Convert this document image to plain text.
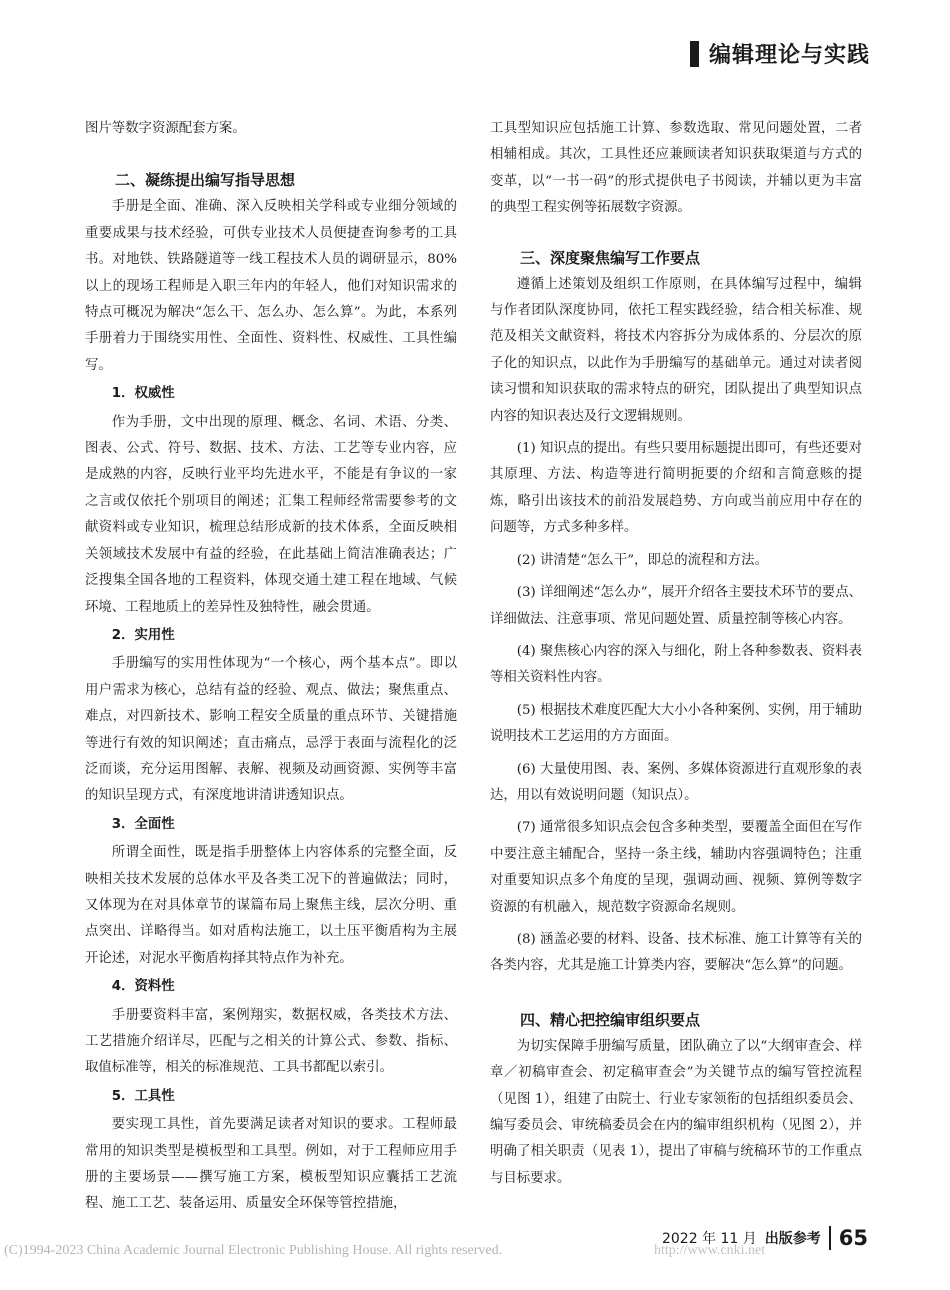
编辑理论与实践

图片等数字资源配套方案。

二、凝练提出编写指导思想

手册是全面、准确、深入反映相关学科或专业细分领域的重要成果与技术经验，可供专业技术人员便捷查询参考的工具书。对地铁、铁路隧道等一线工程技术人员的调研显示，80% 以上的现场工程师是入职三年内的年轻人，他们对知识需求的特点可概况为解决“怎么干、怎么办、怎么算”。为此，本系列手册着力于围绕实用性、全面性、资料性、权威性、工具性编写。

1．权威性

作为手册，文中出现的原理、概念、名词、术语、分类、图表、公式、符号、数据、技术、方法、工艺等专业内容，应是成熟的内容，反映行业平均先进水平，不能是有争议的一家之言或仅依托个别项目的阐述；汇集工程师经常需要参考的文献资料或专业知识，梳理总结形成新的技术体系，全面反映相关领域技术发展中有益的经验，在此基础上简洁准确表达；广泛搜集全国各地的工程资料，体现交通土建工程在地域、气候环境、工程地质上的差异性及独特性，融会贯通。

2．实用性

手册编写的实用性体现为“一个核心，两个基本点”。即以用户需求为核心，总结有益的经验、观点、做法；聚焦重点、难点，对四新技术、影响工程安全质量的重点环节、关键措施等进行有效的知识阐述；直击痛点，忌浮于表面与流程化的泛泛而谈，充分运用图解、表解、视频及动画资源、实例等丰富的知识呈现方式，有深度地讲清讲透知识点。

3．全面性

所谓全面性，既是指手册整体上内容体系的完整全面，反映相关技术发展的总体水平及各类工况下的普遍做法；同时，又体现为在对具体章节的谋篇布局上聚焦主线，层次分明、重点突出、详略得当。如对盾构法施工，以土压平衡盾构为主展开论述，对泥水平衡盾构择其特点作为补充。

4．资料性

手册要资料丰富，案例翔实，数据权威，各类技术方法、工艺措施介绍详尽，匹配与之相关的计算公式、参数、指标、取值标准等，相关的标准规范、工具书都配以索引。

5．工具性

要实现工具性，首先要满足读者对知识的要求。工程师最常用的知识类型是模板型和工具型。例如，对于工程师应用手册的主要场景——撰写施工方案，模板型知识应囊括工艺流程、施工工艺、装备运用、质量安全环保等管控措施，

工具型知识应包括施工计算、参数选取、常见问题处置，二者相辅相成。其次，工具性还应兼顾读者知识获取渠道与方式的变革，以“一书一码”的形式提供电子书阅读，并辅以更为丰富的典型工程实例等拓展数字资源。

三、深度聚焦编写工作要点

遵循上述策划及组织工作原则，在具体编写过程中，编辑与作者团队深度协同，依托工程实践经验，结合相关标准、规范及相关文献资料，将技术内容拆分为成体系的、分层次的原子化的知识点，以此作为手册编写的基础单元。通过对读者阅读习惯和知识获取的需求特点的研究，团队提出了典型知识点内容的知识表达及行文逻辑规则。

(1) 知识点的提出。有些只要用标题提出即可，有些还要对其原理、方法、构造等进行简明扼要的介绍和言简意赅的提炼，略引出该技术的前沿发展趋势、方向或当前应用中存在的问题等，方式多种多样。

(2) 讲清楚“怎么干”，即总的流程和方法。

(3) 详细阐述“怎么办”，展开介绍各主要技术环节的要点、详细做法、注意事项、常见问题处置、质量控制等核心内容。

(4) 聚焦核心内容的深入与细化，附上各种参数表、资料表等相关资料性内容。

(5) 根据技术难度匹配大大小小各种案例、实例，用于辅助说明技术工艺运用的方方面面。

(6) 大量使用图、表、案例、多媒体资源进行直观形象的表达，用以有效说明问题（知识点）。

(7) 通常很多知识点会包含多种类型，要覆盖全面但在写作中要注意主辅配合，坚持一条主线，辅助内容强调特色；注重对重要知识点多个角度的呈现，强调动画、视频、算例等数字资源的有机融入，规范数字资源命名规则。

(8) 涵盖必要的材料、设备、技术标准、施工计算等有关的各类内容，尤其是施工计算类内容，要解决“怎么算”的问题。

四、精心把控编审组织要点

为切实保障手册编写质量，团队确立了以“大纲审查会、样章／初稿审查会、初定稿审查会”为关键节点的编写管控流程（见图 1），组建了由院士、行业专家领衔的包括组织委员会、编写委员会、审统稿委员会在内的编审组织机构（见图 2），并明确了相关职责（见表 1），提出了审稿与统稿环节的工作重点与目标要求。

(C)1994-2023 China Academic Journal Electronic Publishing House. All rights reserved.	http://www.cnki.net
2022 年 11 月 出版参考 65
